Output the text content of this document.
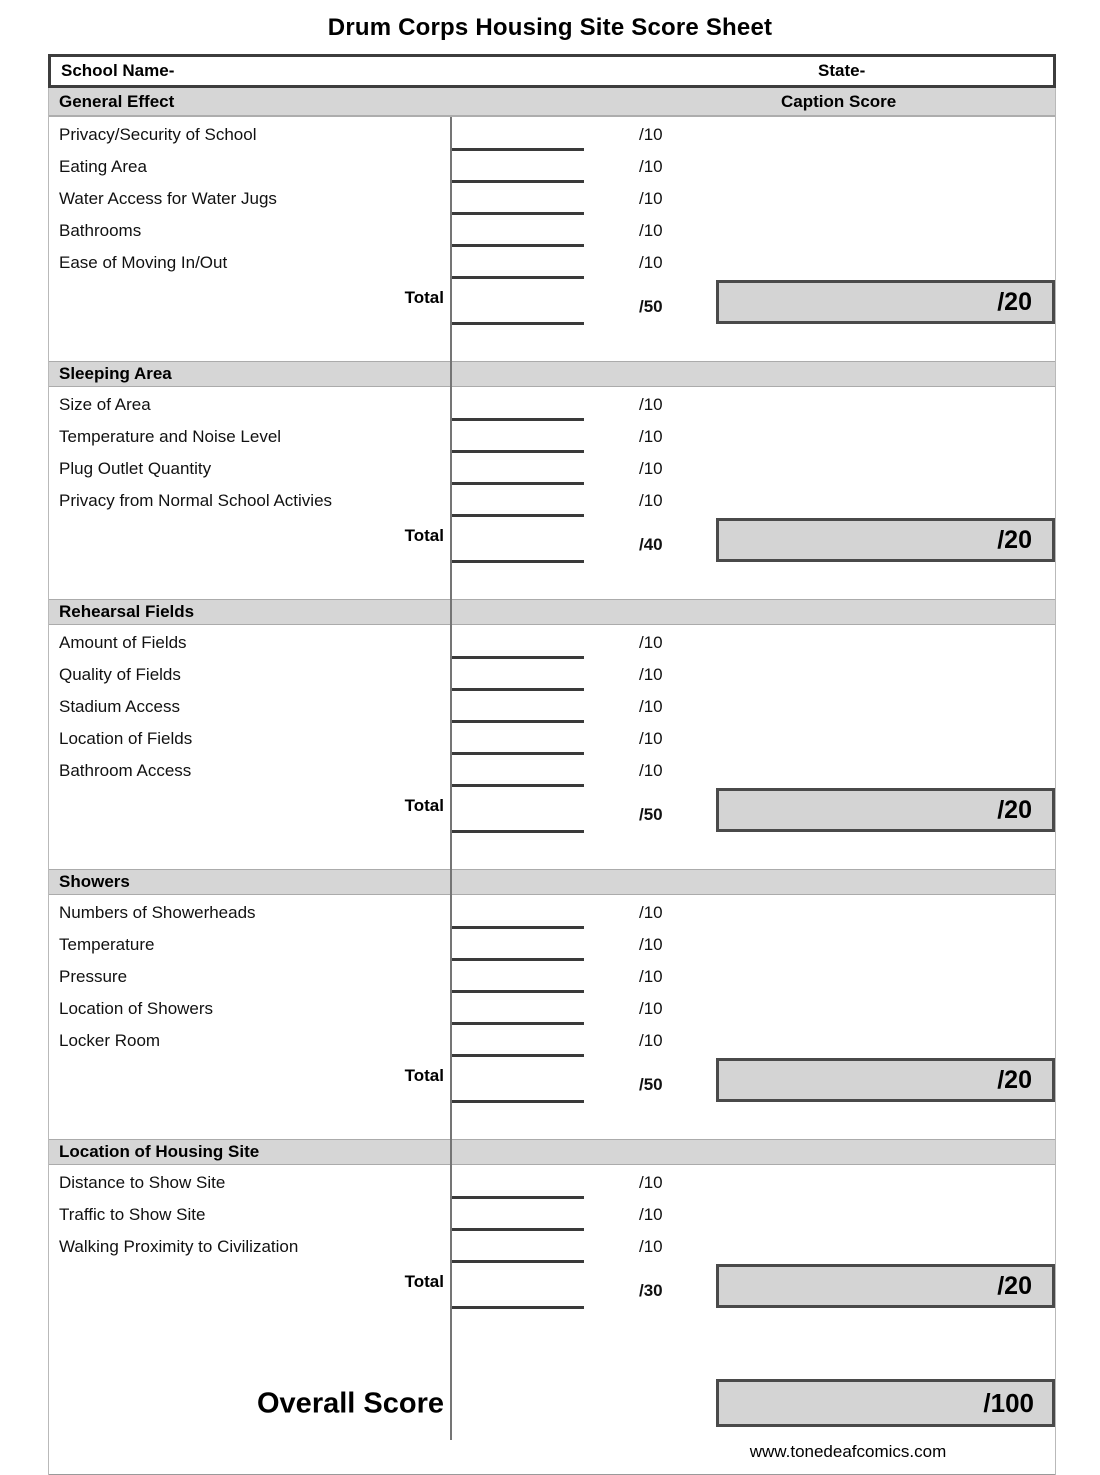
Drum Corps Housing Site Score Sheet
School Name-	State-
General Effect	Caption Score
Privacy/Security of School	/10
Eating Area	/10
Water Access for Water Jugs	/10
Bathrooms	/10
Ease of Moving In/Out	/10
Total	/50	/20
Sleeping Area
Size of Area	/10
Temperature and Noise Level	/10
Plug Outlet Quantity	/10
Privacy from Normal School Activies	/10
Total	/40	/20
Rehearsal Fields
Amount of Fields	/10
Quality of Fields	/10
Stadium Access	/10
Location of Fields	/10
Bathroom Access	/10
Total	/50	/20
Showers
Numbers of Showerheads	/10
Temperature	/10
Pressure	/10
Location of Showers	/10
Locker Room	/10
Total	/50	/20
Location of Housing Site
Distance to Show Site	/10
Traffic to Show Site	/10
Walking Proximity to Civilization	/10
Total	/30	/20
Overall Score	/100
www.tonedeafcomics.com
